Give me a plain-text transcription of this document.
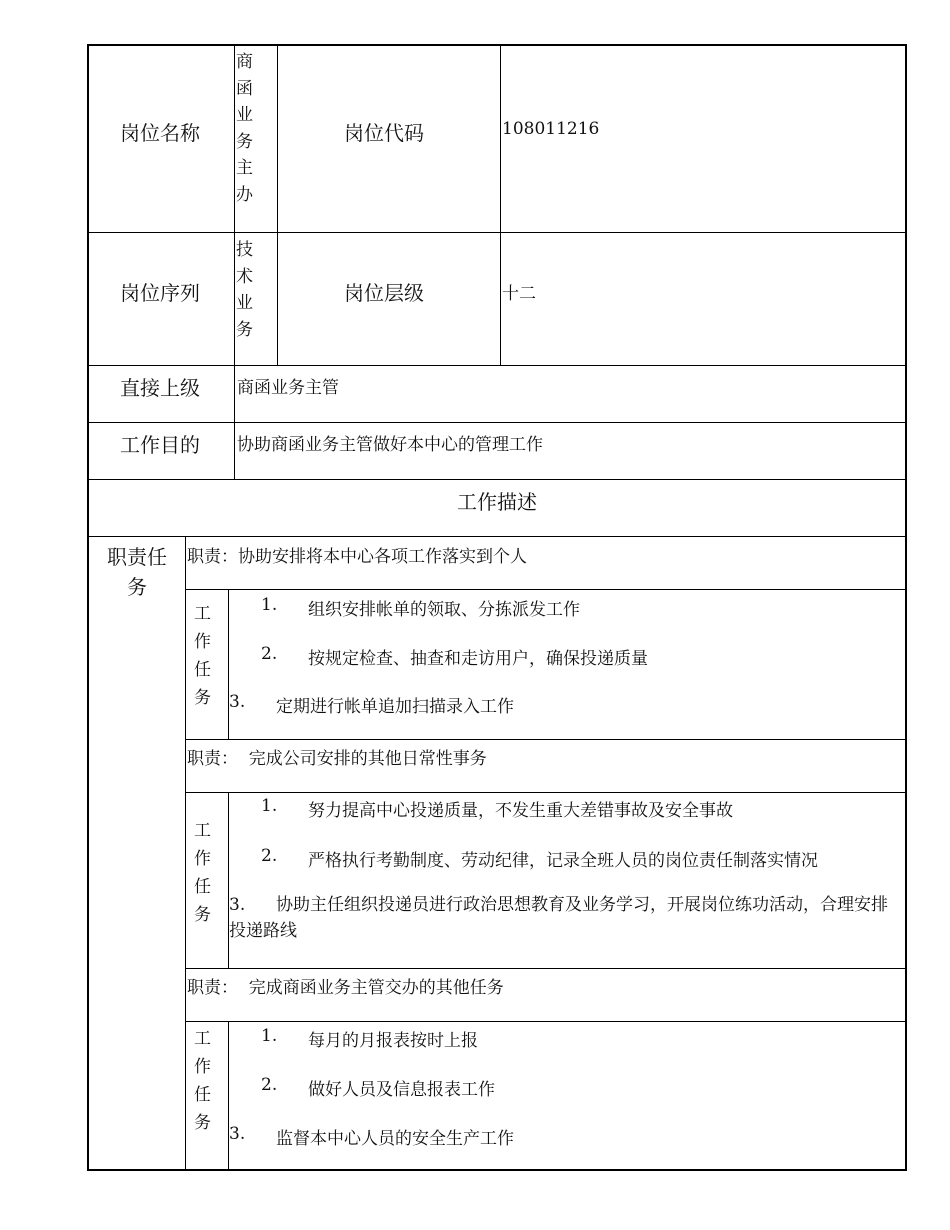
岗位名称
商
函
业
务
主
办
岗位代码	108011216
岗位序列
技
术
业
务
岗位层级	十二
直接上级 商函业务主管
工作目的 协助商函业务主管做好本中心的管理工作
工作描述
职责任
务
职责：协助安排将本中心各项工作落实到个人
工
作
任
务
1. 组织安排帐单的领取、分拣派发工作
2. 按规定检查、抽查和走访用户，确保投递质量
3. 定期进行帐单追加扫描录入工作
职责：  完成公司安排的其他日常性事务
工
作
任
务
1. 努力提高中心投递质量，不发生重大差错事故及安全事故
2. 严格执行考勤制度、劳动纪律，记录全班人员的岗位责任制落实情况
3. 协助主任组织投递员进行政治思想教育及业务学习，开展岗位练功活动，合理安排投递路线
职责：  完成商函业务主管交办的其他任务
工
作
任
务
1. 每月的月报表按时上报
2. 做好人员及信息报表工作
3. 监督本中心人员的安全生产工作
